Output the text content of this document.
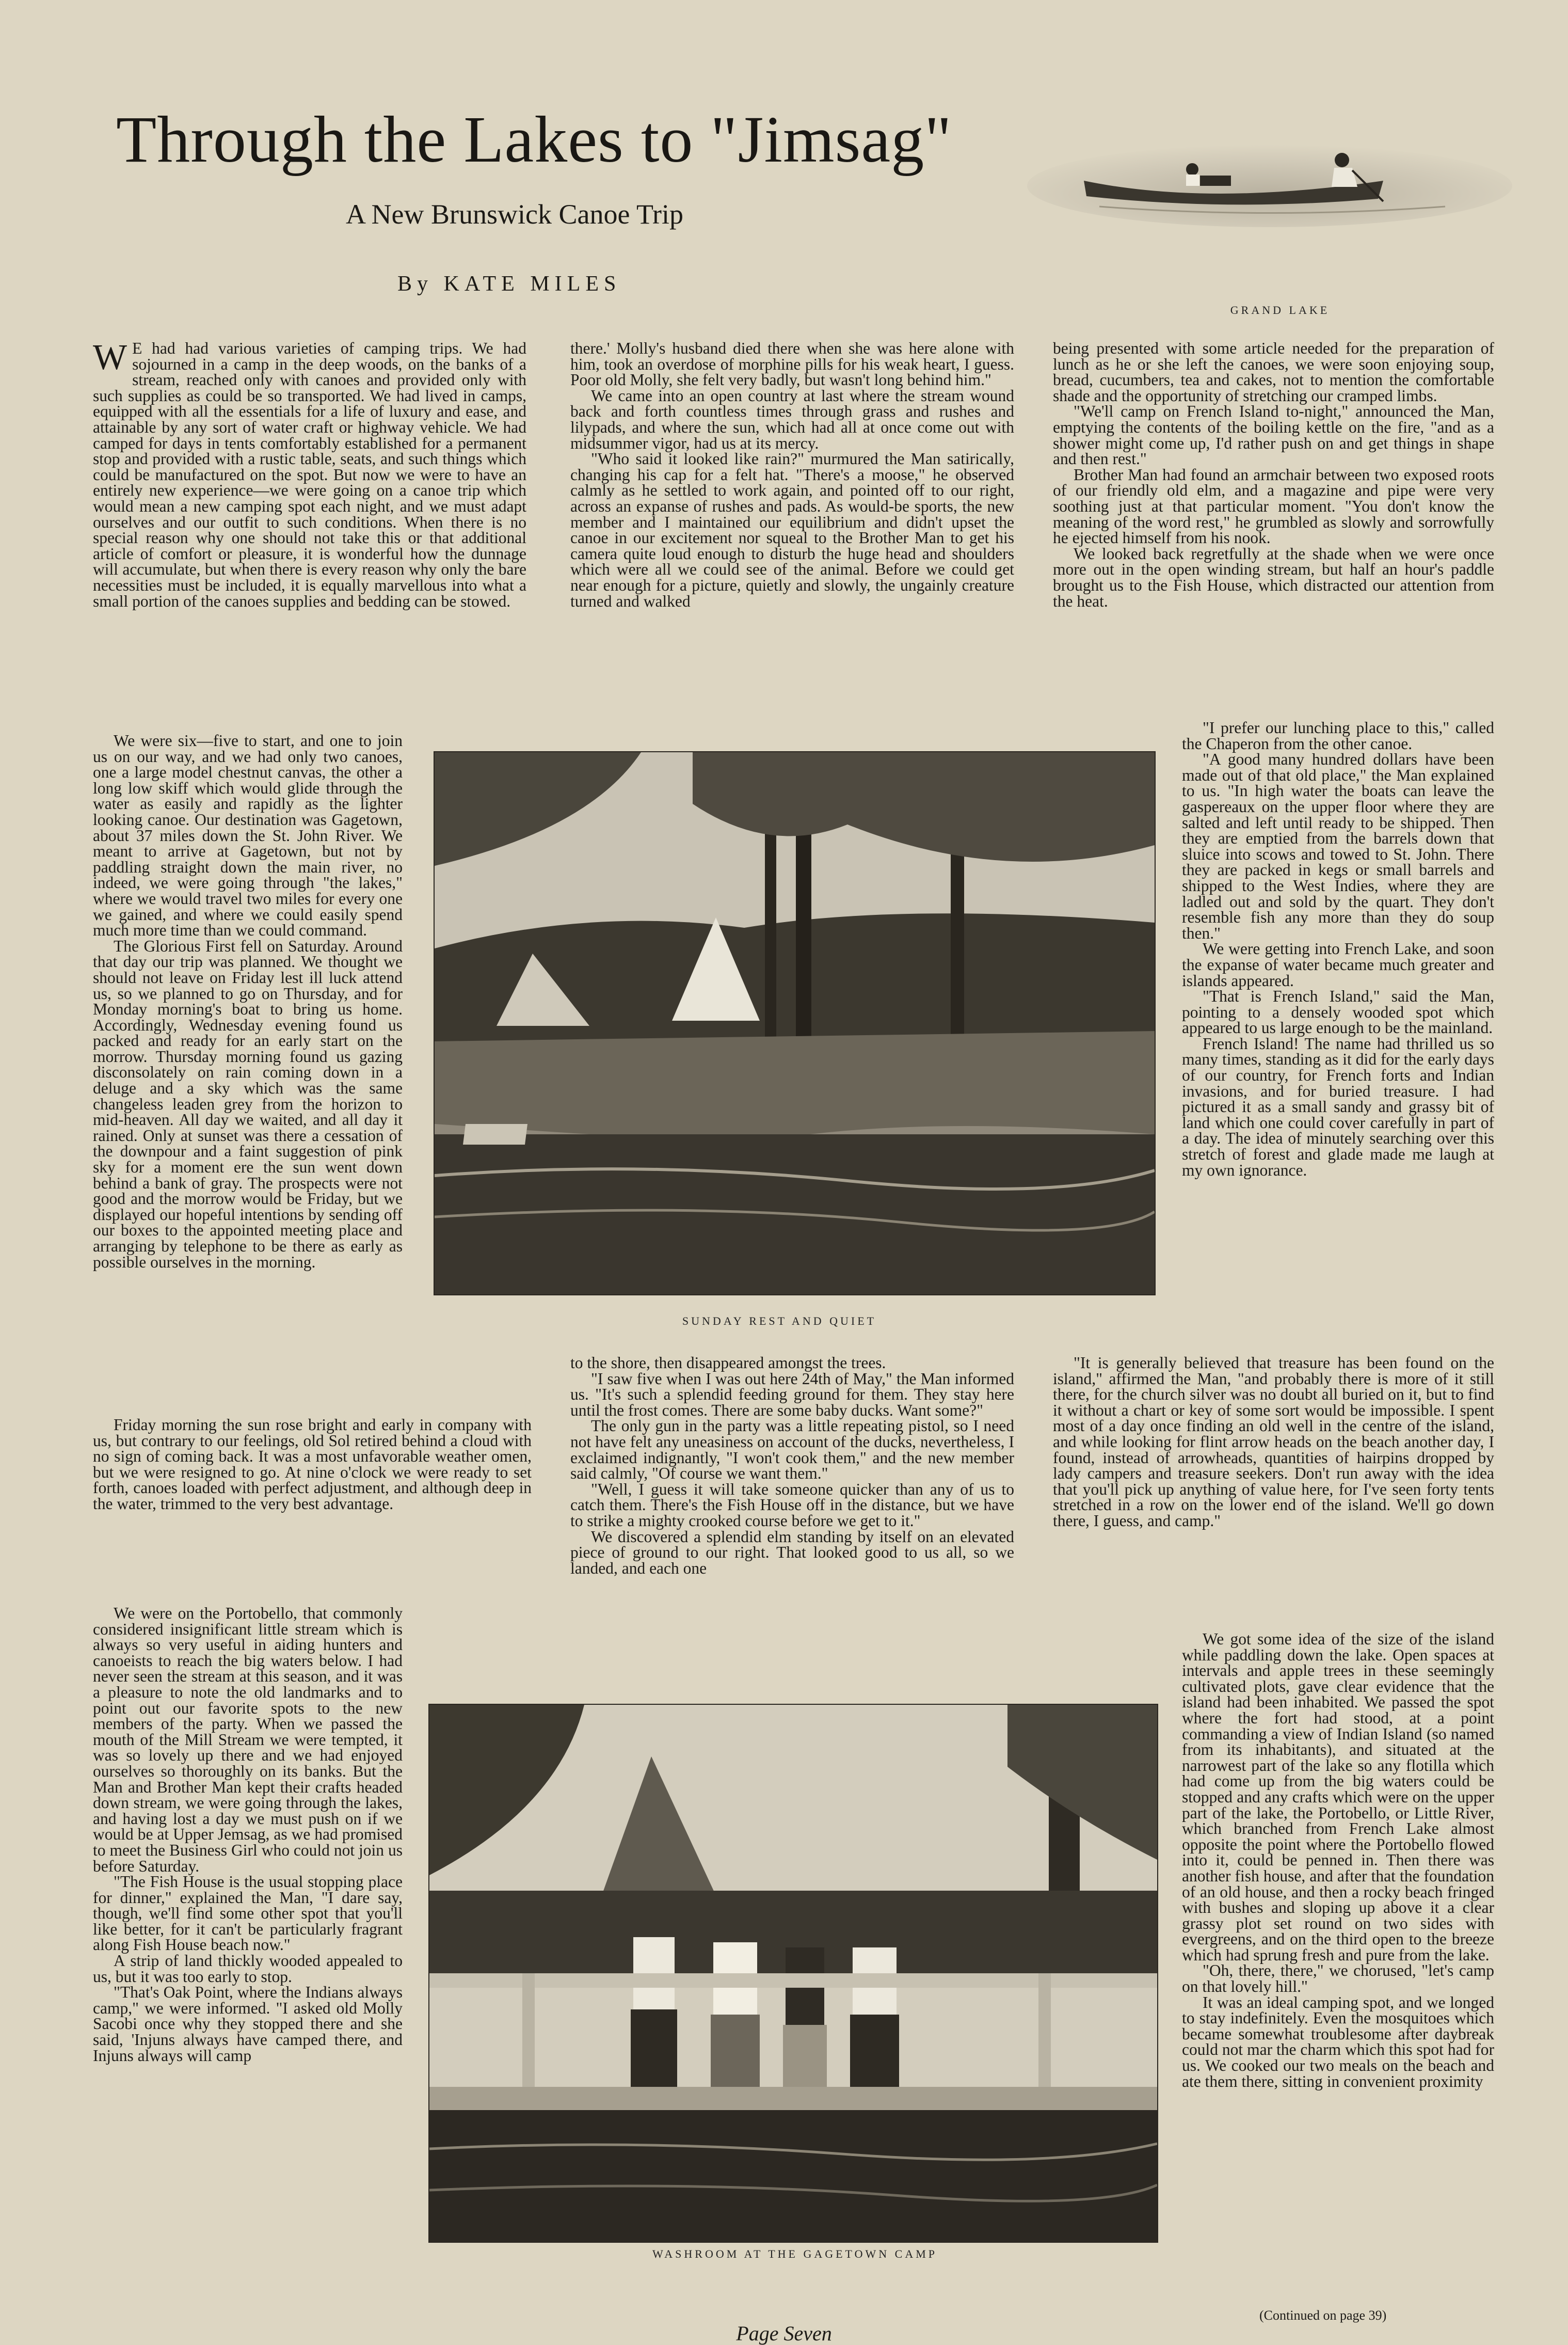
Through the Lakes to "Jimsag"
A New Brunswick Canoe Trip
By KATE MILES
GRAND LAKE

W E had had various varieties of camping trips. We had sojourned in a camp in the deep woods, on the banks of a stream, reached only with canoes and provided only with such supplies as could be so transported. We had lived in camps, equipped with all the essentials for a life of luxury and ease, and attainable by any sort of water craft or highway vehicle. We had camped for days in tents comfortably established for a permanent stop and provided with a rustic table, seats, and such things which could be manufactured on the spot. But now we were to have an entirely new experience—we were going on a canoe trip which would mean a new camping spot each night, and we must adapt ourselves and our outfit to such conditions. When there is no special reason why one should not take this or that additional article of comfort or pleasure, it is wonderful how the dunnage will accumulate, but when there is every reason why only the bare necessities must be included, it is equally marvellous into what a small portion of the canoes supplies and bedding can be stowed.

We were six—five to start, and one to join us on our way, and we had only two canoes, one a large model chestnut canvas, the other a long low skiff which would glide through the water as easily and rapidly as the lighter looking canoe. Our destination was Gagetown, about 37 miles down the St. John River. We meant to arrive at Gagetown, but not by paddling straight down the main river, no indeed, we were going through "the lakes," where we would travel two miles for every one we gained, and where we could easily spend much more time than we could command.

The Glorious First fell on Saturday. Around that day our trip was planned. We thought we should not leave on Friday lest ill luck attend us, so we planned to go on Thursday, and for Monday morning's boat to bring us home. Accordingly, Wednesday evening found us packed and ready for an early start on the morrow. Thursday morning found us gazing disconsolately on rain coming down in a deluge and a sky which was the same changeless leaden grey from the horizon to mid-heaven. All day we waited, and all day it rained. Only at sunset was there a cessation of the downpour and a faint suggestion of pink sky for a moment ere the sun went down behind a bank of gray. The prospects were not good and the morrow would be Friday, but we displayed our hopeful intentions by sending off our boxes to the appointed meeting place and arranging by telephone to be there as early as possible ourselves in the morning.

Friday morning the sun rose bright and early in company with us, but contrary to our feelings, old Sol retired behind a cloud with no sign of coming back. It was a most unfavorable weather omen, but we were resigned to go. At nine o'clock we were ready to set forth, canoes loaded with perfect adjustment, and although deep in the water, trimmed to the very best advantage.

We were on the Portobello, that commonly considered insignificant little stream which is always so very useful in aiding hunters and canoeists to reach the big waters below. I had never seen the stream at this season, and it was a pleasure to note the old landmarks and to point out our favorite spots to the new members of the party. When we passed the mouth of the Mill Stream we were tempted, it was so lovely up there and we had enjoyed ourselves so thoroughly on its banks. But the Man and Brother Man kept their crafts headed down stream, we were going through the lakes, and having lost a day we must push on if we would be at Upper Jemsag, as we had promised to meet the Business Girl who could not join us before Saturday.

"The Fish House is the usual stopping place for dinner," explained the Man, "I dare say, though, we'll find some other spot that you'll like better, for it can't be particularly fragrant along Fish House beach now."

A strip of land thickly wooded appealed to us, but it was too early to stop.

"That's Oak Point, where the Indians always camp," we were informed. "I asked old Molly Sacobi once why they stopped there and she said, 'Injuns always have camped there, and Injuns always will camp

there.' Molly's husband died there when she was here alone with him, took an overdose of morphine pills for his weak heart, I guess. Poor old Molly, she felt very badly, but wasn't long behind him."

We came into an open country at last where the stream wound back and forth countless times through grass and rushes and lilypads, and where the sun, which had all at once come out with midsummer vigor, had us at its mercy.

"Who said it looked like rain?" murmured the Man satirically, changing his cap for a felt hat. "There's a moose," he observed calmly as he settled to work again, and pointed off to our right, across an expanse of rushes and pads. As would-be sports, the new member and I maintained our equilibrium and didn't upset the canoe in our excitement nor squeal to the Brother Man to get his camera quite loud enough to disturb the huge head and shoulders which were all we could see of the animal. Before we could get near enough for a picture, quietly and slowly, the ungainly creature turned and walked

to the shore, then disappeared amongst the trees.

"I saw five when I was out here 24th of May," the Man informed us. "It's such a splendid feeding ground for them. They stay here until the frost comes. There are some baby ducks. Want some?"

The only gun in the party was a little repeating pistol, so I need not have felt any uneasiness on account of the ducks, nevertheless, I exclaimed indignantly, "I won't cook them," and the new member said calmly, "Of course we want them."

"Well, I guess it will take someone quicker than any of us to catch them. There's the Fish House off in the distance, but we have to strike a mighty crooked course before we get to it."

We discovered a splendid elm standing by itself on an elevated piece of ground to our right. That looked good to us all, so we landed, and each one

being presented with some article needed for the preparation of lunch as he or she left the canoes, we were soon enjoying soup, bread, cucumbers, tea and cakes, not to mention the comfortable shade and the opportunity of stretching our cramped limbs.

"We'll camp on French Island to-night," announced the Man, emptying the contents of the boiling kettle on the fire, "and as a shower might come up, I'd rather push on and get things in shape and then rest."

Brother Man had found an armchair between two exposed roots of our friendly old elm, and a magazine and pipe were very soothing just at that particular moment. "You don't know the meaning of the word rest," he grumbled as slowly and sorrowfully he ejected himself from his nook.

We looked back regretfully at the shade when we were once more out in the open winding stream, but half an hour's paddle brought us to the Fish House, which distracted our attention from the heat.

"I prefer our lunching place to this," called the Chaperon from the other canoe.

"A good many hundred dollars have been made out of that old place," the Man explained to us. "In high water the boats can leave the gaspereaux on the upper floor where they are salted and left until ready to be shipped. Then they are emptied from the barrels down that sluice into scows and towed to St. John. There they are packed in kegs or small barrels and shipped to the West Indies, where they are ladled out and sold by the quart. They don't resemble fish any more than they do soup then."

We were getting into French Lake, and soon the expanse of water became much greater and islands appeared.

"That is French Island," said the Man, pointing to a densely wooded spot which appeared to us large enough to be the mainland.

French Island! The name had thrilled us so many times, standing as it did for the early days of our country, for French forts and Indian invasions, and for buried treasure. I had pictured it as a small sandy and grassy bit of land which one could cover carefully in part of a day. The idea of minutely searching over this stretch of forest and glade made me laugh at my own ignorance.

"It is generally believed that treasure has been found on the island," affirmed the Man, "and probably there is more of it still there, for the church silver was no doubt all buried on it, but to find it without a chart or key of some sort would be impossible. I spent most of a day once finding an old well in the centre of the island, and while looking for flint arrow heads on the beach another day, I found, instead of arrowheads, quantities of hairpins dropped by lady campers and treasure seekers. Don't run away with the idea that you'll pick up anything of value here, for I've seen forty tents stretched in a row on the lower end of the island. We'll go down there, I guess, and camp."

We got some idea of the size of the island while paddling down the lake. Open spaces at intervals and apple trees in these seemingly cultivated plots, gave clear evidence that the island had been inhabited. We passed the spot where the fort had stood, at a point commanding a view of Indian Island (so named from its inhabitants), and situated at the narrowest part of the lake so any flotilla which had come up from the big waters could be stopped and any crafts which were on the upper part of the lake, the Portobello, or Little River, which branched from French Lake almost opposite the point where the Portobello flowed into it, could be penned in. Then there was another fish house, and after that the foundation of an old house, and then a rocky beach fringed with bushes and sloping up above it a clear grassy plot set round on two sides with evergreens, and on the third open to the breeze which had sprung fresh and pure from the lake.

"Oh, there, there," we chorused, "let's camp on that lovely hill."

It was an ideal camping spot, and we longed to stay indefinitely. Even the mosquitoes which became somewhat troublesome after daybreak could not mar the charm which this spot had for us. We cooked our two meals on the beach and ate them there, sitting in convenient proximity

SUNDAY REST AND QUIET
WASHROOM AT THE GAGETOWN CAMP
(Continued on page 39)
Page Seven
